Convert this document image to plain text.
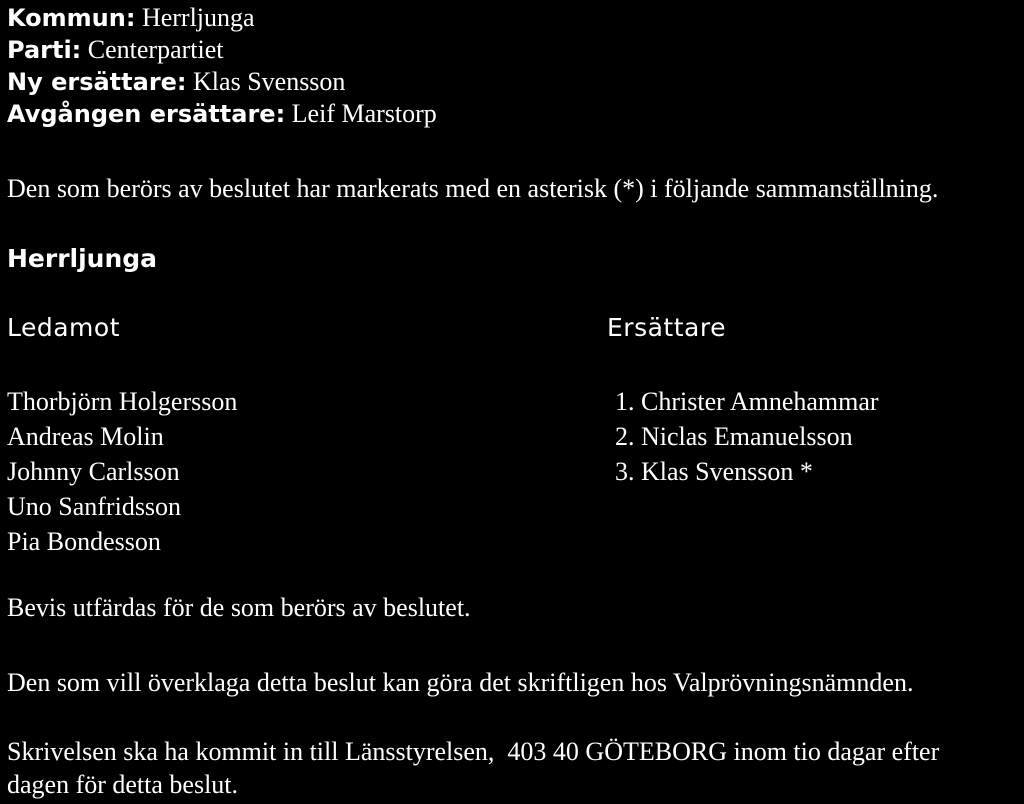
Kommun: Herrljunga
Parti: Centerpartiet
Ny ersättare: Klas Svensson
Avgången ersättare: Leif Marstorp
Den som berörs av beslutet har markerats med en asterisk (*) i följande sammanställning.
Herrljunga
Ledamot	Ersättare
Thorbjörn Holgersson
Andreas Molin
Johnny Carlsson
Uno Sanfridsson
Pia Bondesson
1. Christer Amnehammar
2. Niclas Emanuelsson
3. Klas Svensson *
Bevis utfärdas för de som berörs av beslutet.
Den som vill överklaga detta beslut kan göra det skriftligen hos Valprövningsnämnden.
Skrivelsen ska ha kommit in till Länsstyrelsen,  403 40 GÖTEBORG inom tio dagar efter
dagen för detta beslut.
